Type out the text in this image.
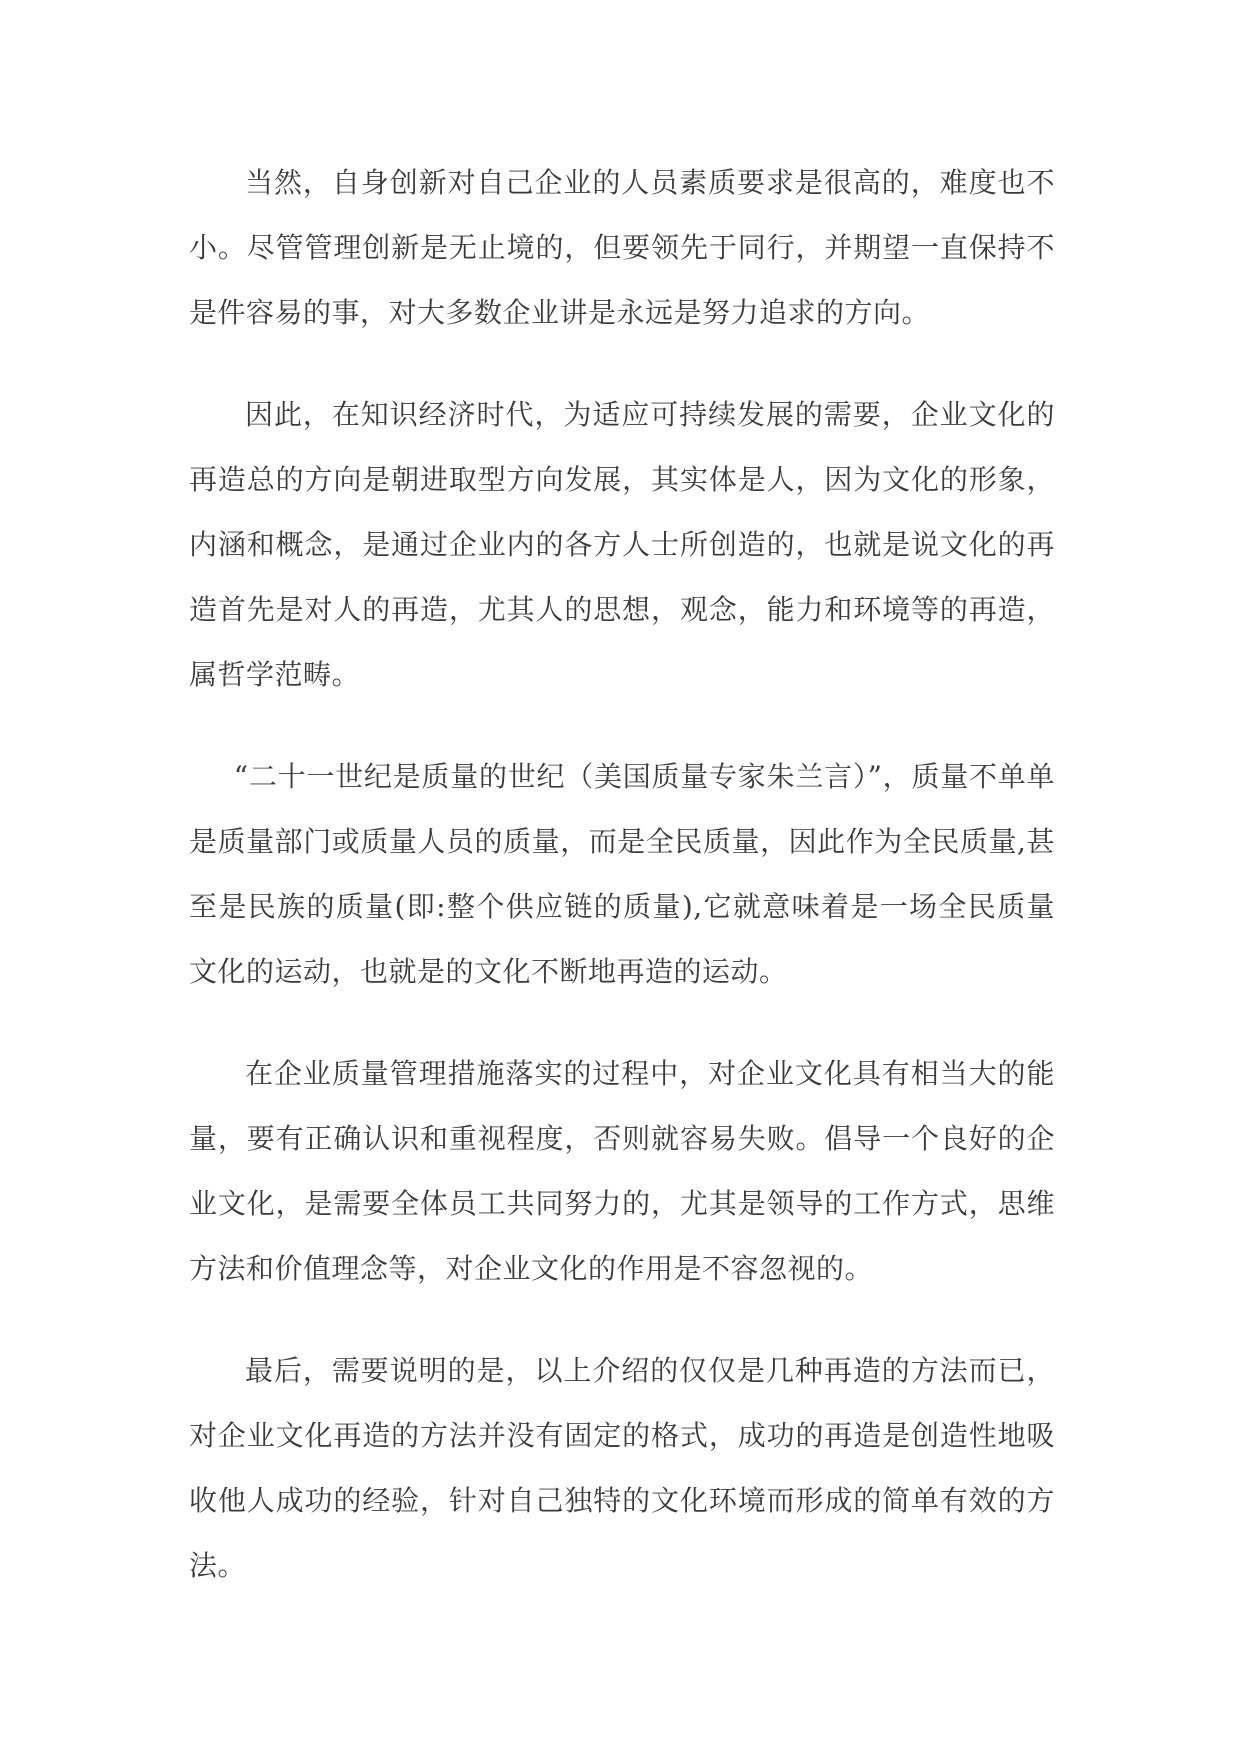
当然，自身创新对自己企业的人员素质要求是很高的，难度也不小。尽管管理创新是无止境的，但要领先于同行，并期望一直保持不是件容易的事，对大多数企业讲是永远是努力追求的方向。

因此，在知识经济时代，为适应可持续发展的需要，企业文化的再造总的方向是朝进取型方向发展，其实体是人，因为文化的形象，内涵和概念，是通过企业内的各方人士所创造的，也就是说文化的再造首先是对人的再造，尤其人的思想，观念，能力和环境等的再造，属哲学范畴。

“二十一世纪是质量的世纪（美国质量专家朱兰言）”，质量不单单是质量部门或质量人员的质量，而是全民质量，因此作为全民质量,甚至是民族的质量(即:整个供应链的质量),它就意味着是一场全民质量文化的运动，也就是的文化不断地再造的运动。

在企业质量管理措施落实的过程中，对企业文化具有相当大的能量，要有正确认识和重视程度，否则就容易失败。倡导一个良好的企业文化，是需要全体员工共同努力的，尤其是领导的工作方式，思维方法和价值理念等，对企业文化的作用是不容忽视的。

最后，需要说明的是，以上介绍的仅仅是几种再造的方法而已，对企业文化再造的方法并没有固定的格式，成功的再造是创造性地吸收他人成功的经验，针对自己独特的文化环境而形成的简单有效的方法。
